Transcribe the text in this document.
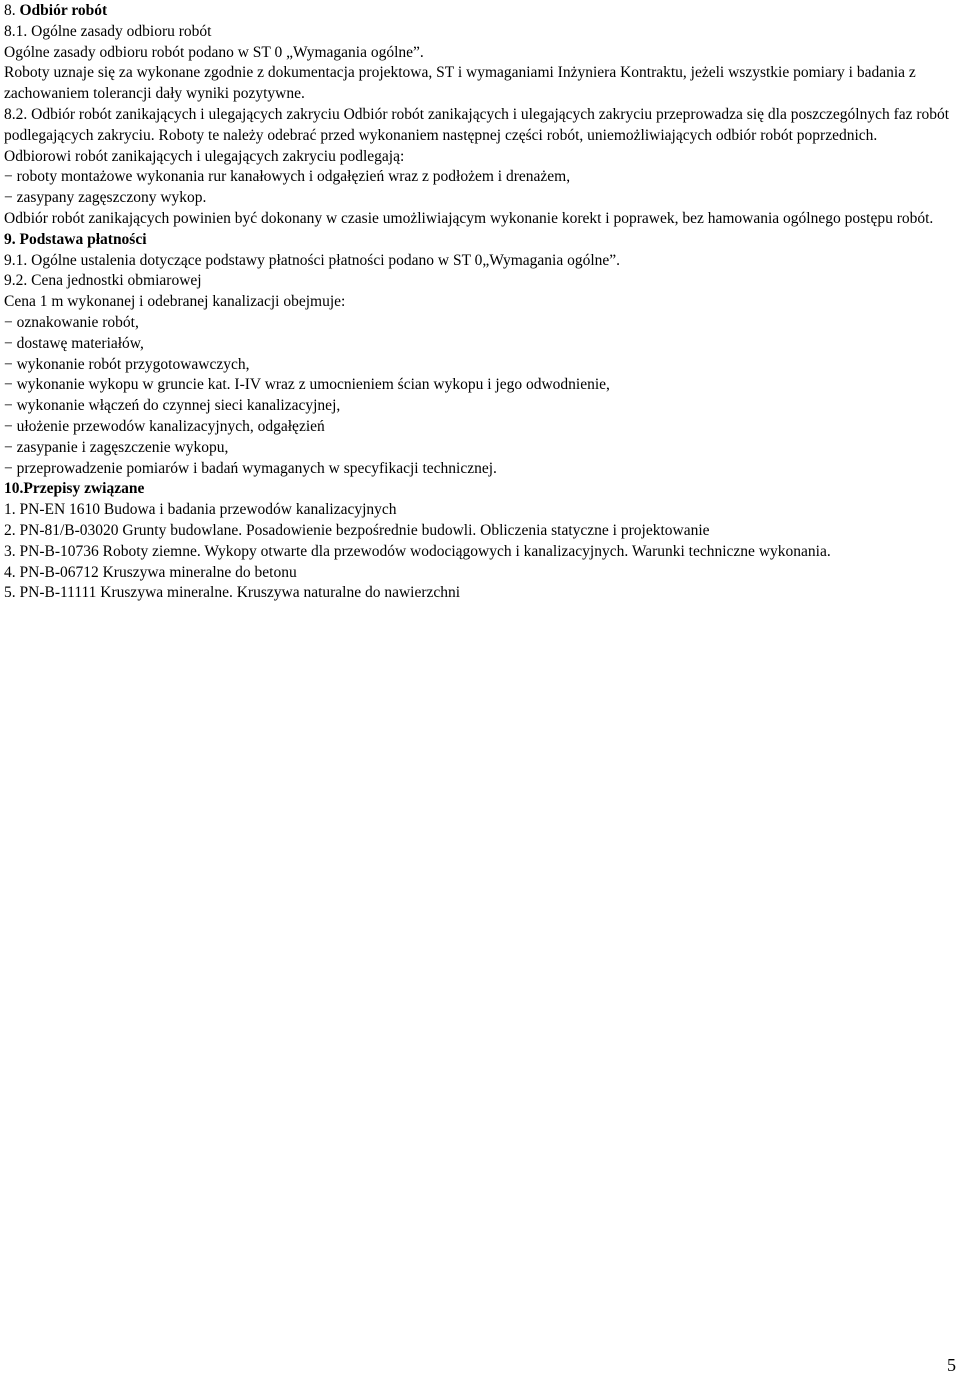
8. Odbiór robót
8.1. Ogólne zasady odbioru robót
Ogólne zasady odbioru robót podano w ST 0 „Wymagania ogólne”.
Roboty uznaje się za wykonane zgodnie z dokumentacja projektowa, ST i wymaganiami Inżyniera Kontraktu, jeżeli wszystkie pomiary i badania z zachowaniem tolerancji dały wyniki pozytywne.
8.2. Odbiór robót zanikających i ulegających zakryciu Odbiór robót zanikających i ulegających zakryciu przeprowadza się dla poszczególnych faz robót podlegających zakryciu. Roboty te należy odebrać przed wykonaniem następnej części robót, uniemożliwiających odbiór robót poprzednich.
Odbiorowi robót zanikających i ulegających zakryciu podlegają:
− roboty montażowe wykonania rur kanałowych i odgałęzień wraz z podłożem i drenażem,
− zasypany zagęszczony wykop.
Odbiór robót zanikających powinien być dokonany w czasie umożliwiającym wykonanie korekt i poprawek, bez hamowania ogólnego postępu robót.
9. Podstawa płatności
9.1. Ogólne ustalenia dotyczące podstawy płatności płatności podano w ST 0„Wymagania ogólne”.
9.2. Cena jednostki obmiarowej
Cena 1 m wykonanej i odebranej kanalizacji obejmuje:
− oznakowanie robót,
− dostawę materiałów,
− wykonanie robót przygotowawczych,
− wykonanie wykopu w gruncie kat. I-IV wraz z umocnieniem ścian wykopu i jego odwodnienie,
− wykonanie włączeń do czynnej sieci kanalizacyjnej,
− ułożenie przewodów kanalizacyjnych, odgałęzień
− zasypanie i zagęszczenie wykopu,
− przeprowadzenie pomiarów i badań wymaganych w specyfikacji technicznej.
10.Przepisy związane
1. PN-EN 1610 Budowa i badania przewodów kanalizacyjnych
2. PN-81/B-03020 Grunty budowlane. Posadowienie bezpośrednie budowli. Obliczenia statyczne i projektowanie
3. PN-B-10736 Roboty ziemne. Wykopy otwarte dla przewodów wodociągowych i kanalizacyjnych. Warunki techniczne wykonania.
4. PN-B-06712 Kruszywa mineralne do betonu
5. PN-B-11111 Kruszywa mineralne. Kruszywa naturalne do nawierzchni
5
